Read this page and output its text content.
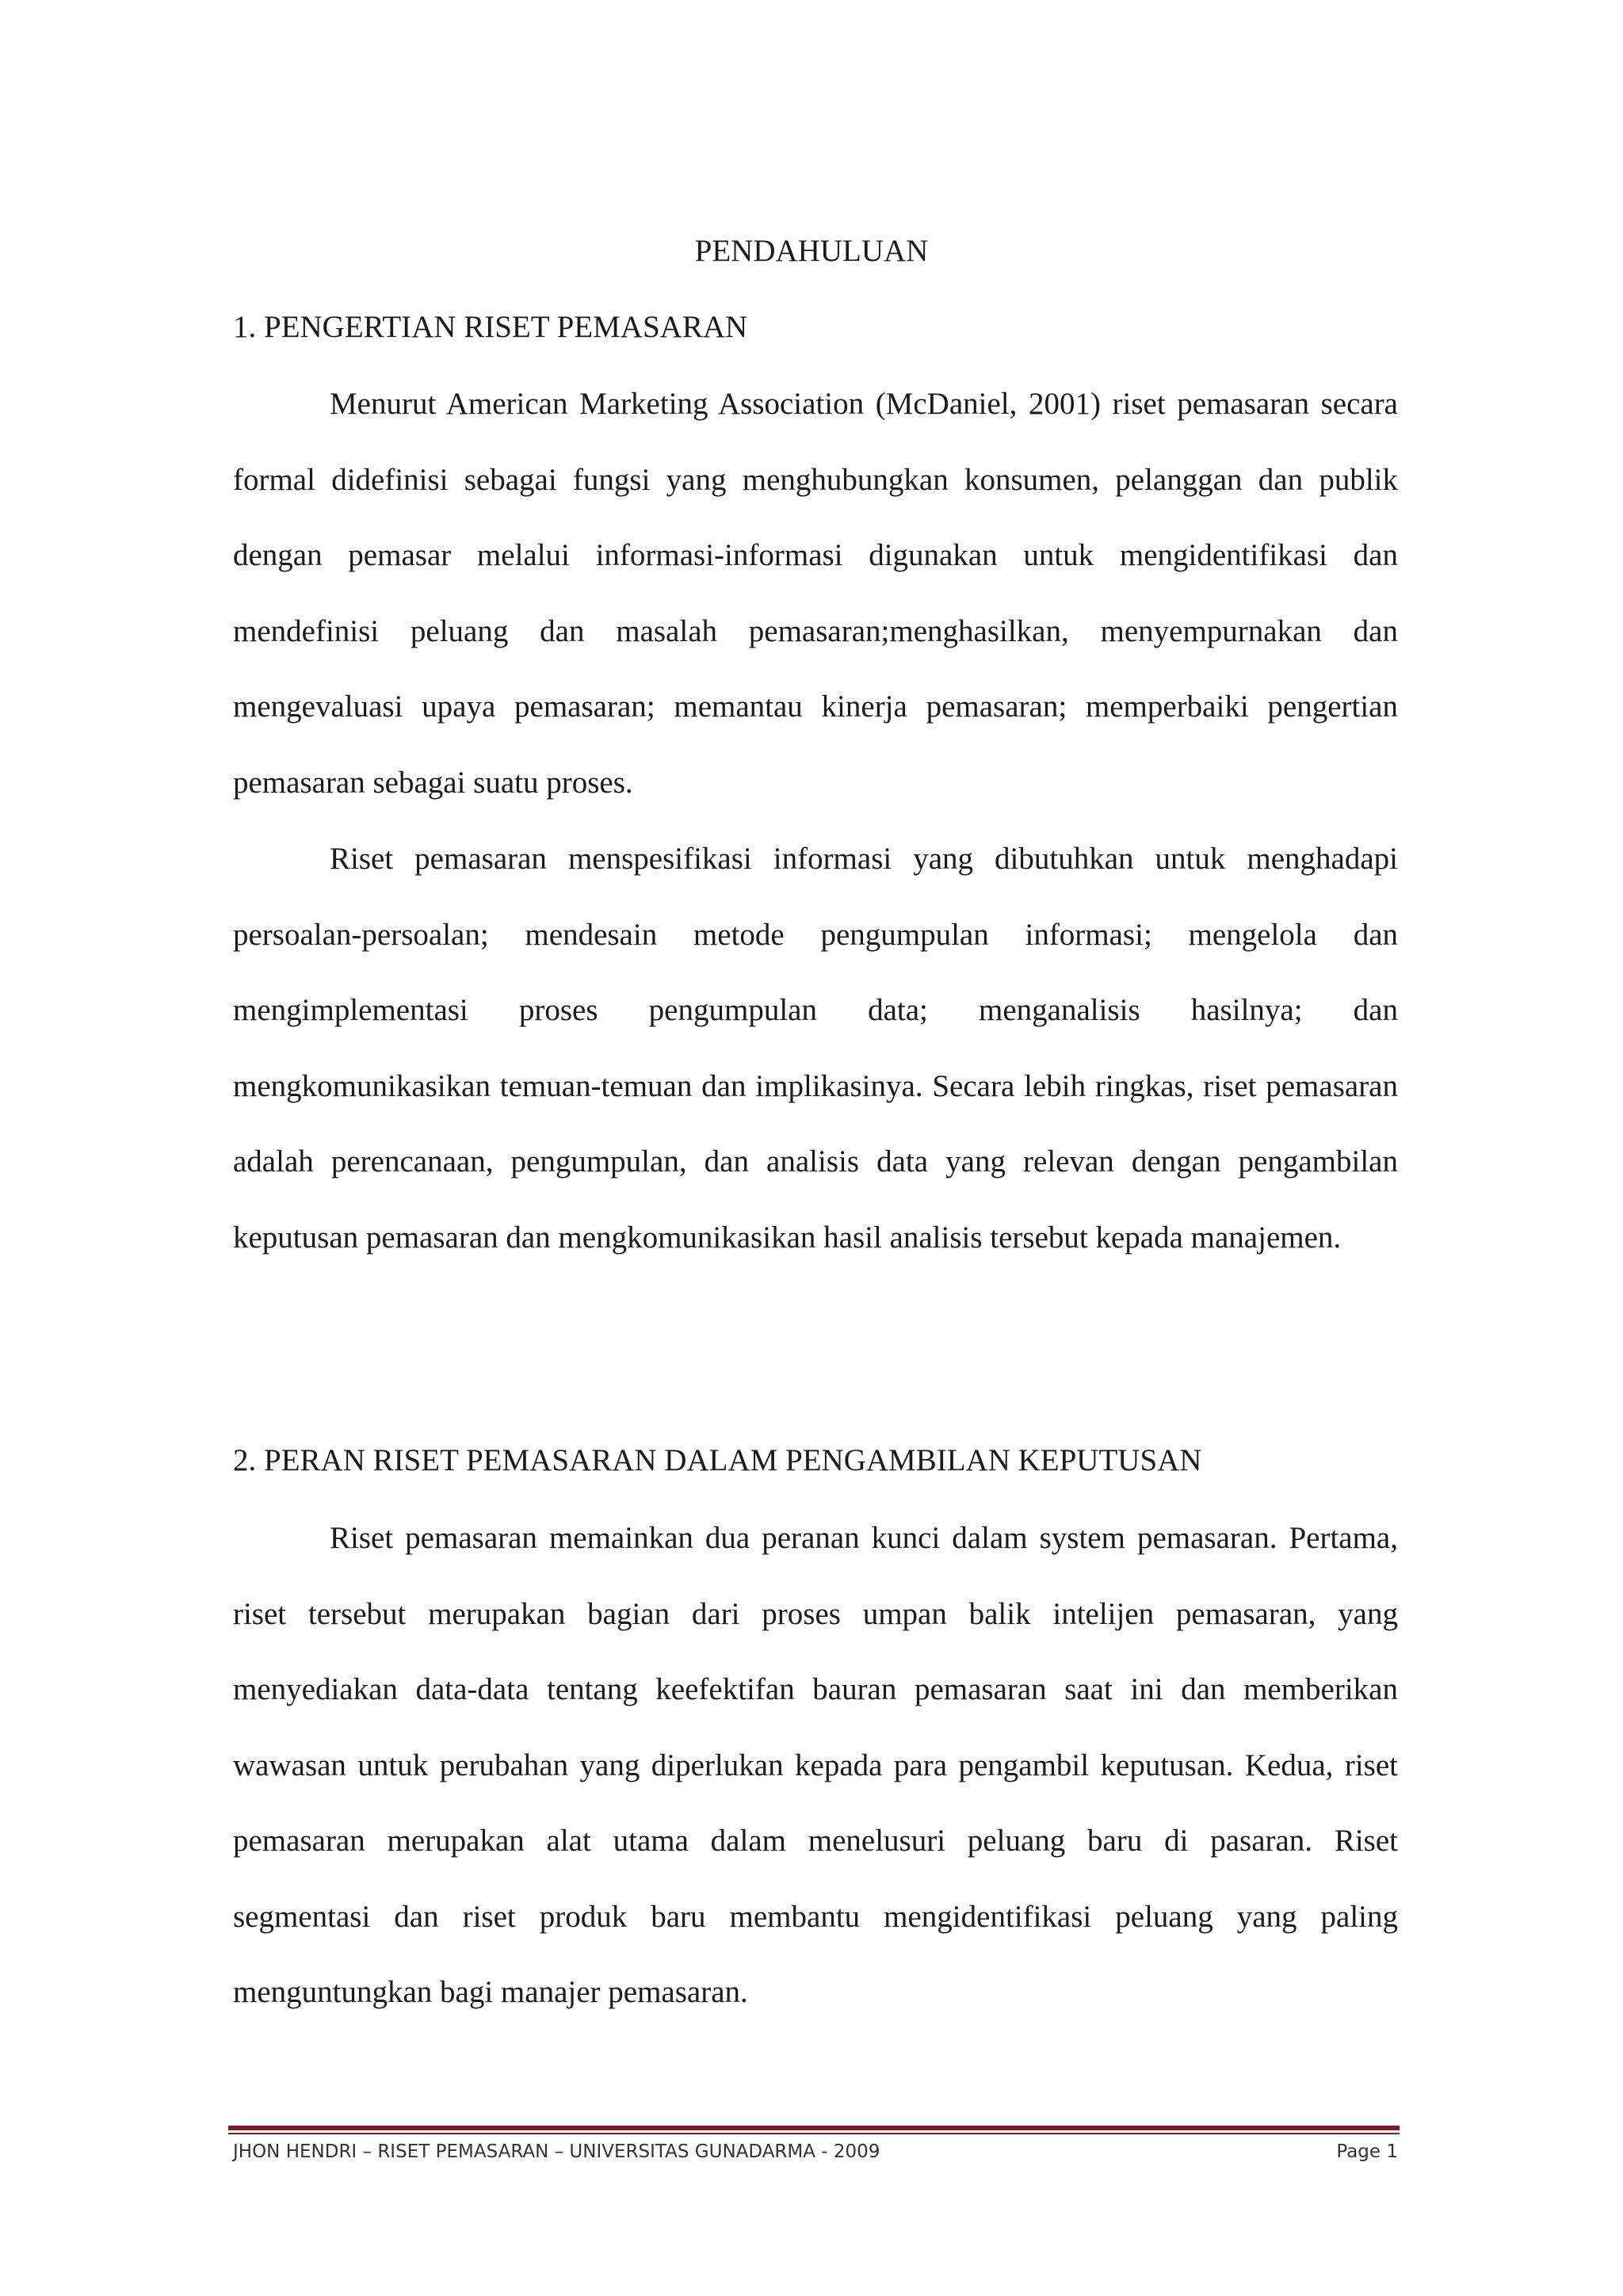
PENDAHULUAN
1. PENGERTIAN RISET PEMASARAN

Menurut American Marketing Association (McDaniel, 2001) riset pemasaran secara formal didefinisi sebagai fungsi yang menghubungkan konsumen, pelanggan dan publik dengan pemasar melalui informasi-informasi digunakan untuk mengidentifikasi dan mendefinisi peluang dan masalah pemasaran;menghasilkan, menyempurnakan dan mengevaluasi upaya pemasaran; memantau kinerja pemasaran; memperbaiki pengertian pemasaran sebagai suatu proses.

Riset pemasaran menspesifikasi informasi yang dibutuhkan untuk menghadapi persoalan-persoalan; mendesain metode pengumpulan informasi; mengelola dan mengimplementasi proses pengumpulan data; menganalisis hasilnya; dan mengkomunikasikan temuan-temuan dan implikasinya. Secara lebih ringkas, riset pemasaran adalah perencanaan, pengumpulan, dan analisis data yang relevan dengan pengambilan keputusan pemasaran dan mengkomunikasikan hasil analisis tersebut kepada manajemen.

2. PERAN RISET PEMASARAN DALAM PENGAMBILAN KEPUTUSAN

Riset pemasaran memainkan dua peranan kunci dalam system pemasaran. Pertama, riset tersebut merupakan bagian dari proses umpan balik intelijen pemasaran, yang menyediakan data-data tentang keefektifan bauran pemasaran saat ini dan memberikan wawasan untuk perubahan yang diperlukan kepada para pengambil keputusan. Kedua, riset pemasaran merupakan alat utama dalam menelusuri peluang baru di pasaran. Riset segmentasi dan riset produk baru membantu mengidentifikasi peluang yang paling menguntungkan bagi manajer pemasaran.

JHON HENDRI – RISET PEMASARAN – UNIVERSITAS GUNADARMA - 2009	Page 1
